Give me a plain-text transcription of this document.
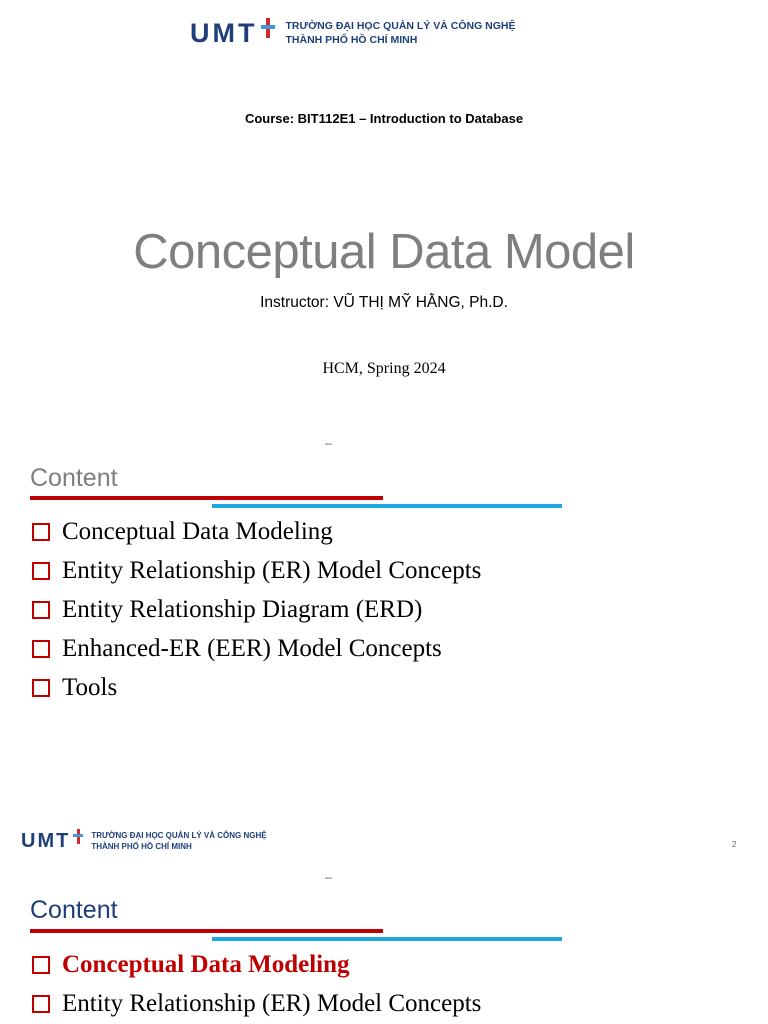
UMT	TRƯỜNG ĐẠI HỌC QUẢN LÝ VÀ CÔNG NGHỆ
THÀNH PHỐ HỒ CHÍ MINH
Course: BIT112E1 – Introduction to Database
Conceptual Data Model
Instructor: VŨ THỊ MỸ HẰNG, Ph.D.
HCM, Spring 2024
–
Content
Conceptual Data Modeling
Entity Relationship (ER) Model Concepts
Entity Relationship Diagram (ERD)
Enhanced-ER (EER) Model Concepts
Tools
UMT	TRƯỜNG ĐẠI HỌC QUẢN LÝ VÀ CÔNG NGHỆ
THÀNH PHỐ HỒ CHÍ MINH	2
–
Content
Conceptual Data Modeling
Entity Relationship (ER) Model Concepts
